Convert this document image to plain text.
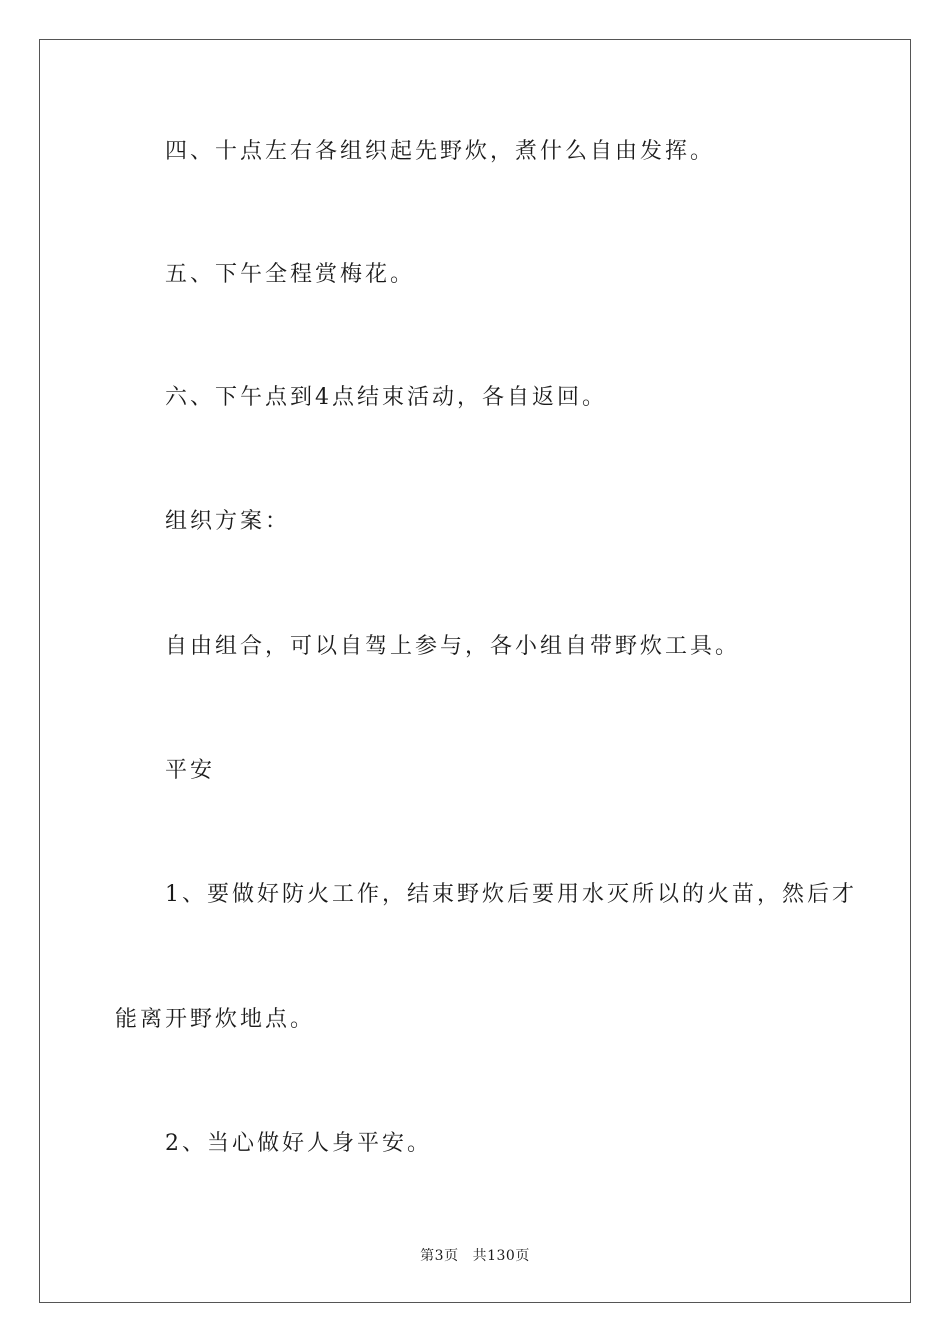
四、十点左右各组织起先野炊，煮什么自由发挥。

五、下午全程赏梅花。

六、下午点到4点结束活动，各自返回。

组织方案：

自由组合，可以自驾上参与，各小组自带野炊工具。

平安

1、要做好防火工作，结束野炊后要用水灭所以的火苗，然后才

能离开野炊地点。

2、当心做好人身平安。

第3页 共130页
